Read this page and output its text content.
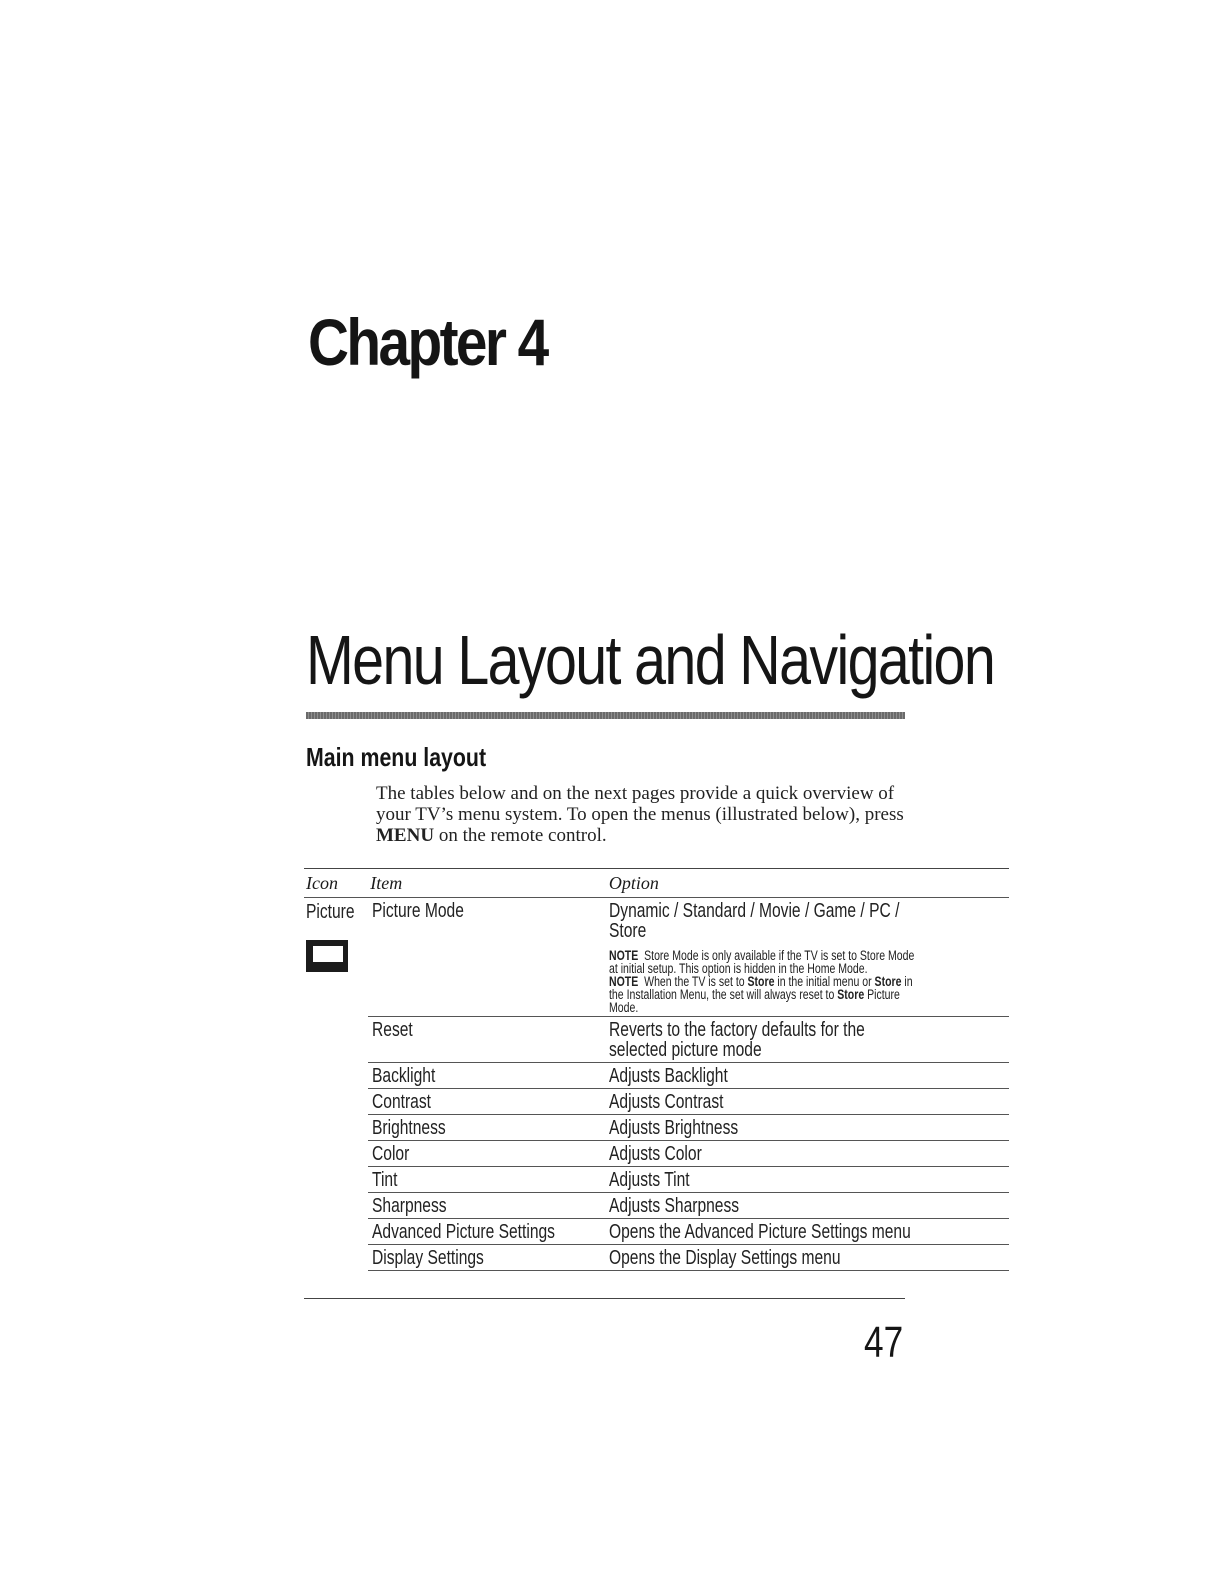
Chapter 4
Menu Layout and Navigation
Main menu layout

The tables below and on the next pages provide a quick overview of your TV’s menu system. To open the menus (illustrated below), press MENU on the remote control.

Icon	Item	Option

Picture	Picture Mode	Dynamic / Standard / Movie / Game / PC / Store
NOTE Store Mode is only available if the TV is set to Store Mode at initial setup. This option is hidden in the Home Mode.
NOTE When the TV is set to Store in the initial menu or Store in the Installation Menu, the set will always reset to Store Picture Mode.

	Reset	Reverts to the factory defaults for the selected picture mode
	Backlight	Adjusts Backlight
	Contrast	Adjusts Contrast
	Brightness	Adjusts Brightness
	Color	Adjusts Color
	Tint	Adjusts Tint
	Sharpness	Adjusts Sharpness
	Advanced Picture Settings	Opens the Advanced Picture Settings menu
	Display Settings	Opens the Display Settings menu

47
